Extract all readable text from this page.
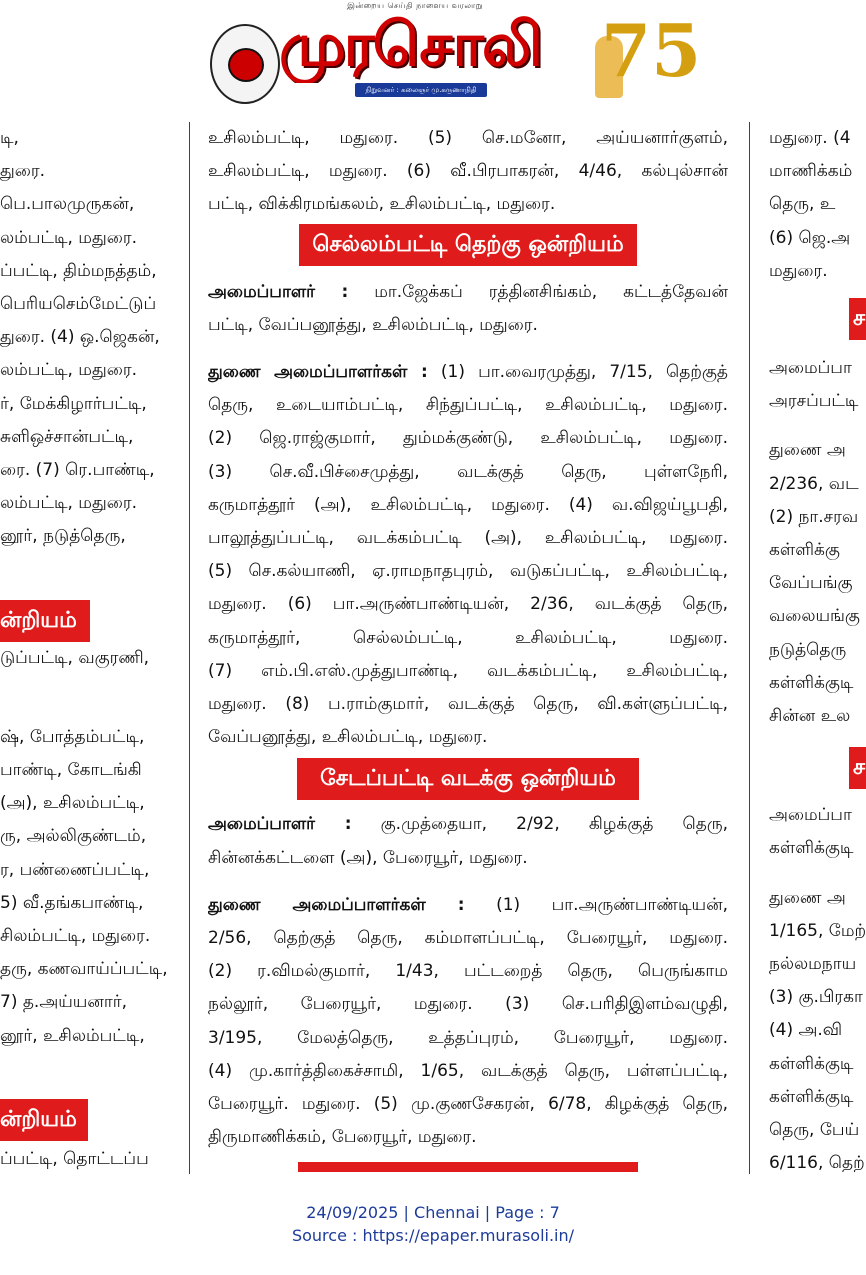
இன்றைய செய்தி நாளைய வரலாறு
முரசொலி
நிறுவனர் : கலைஞர் மு.கருணாநிதி 75

டி,

துரை.

பெ.பாலமுருகன்,

லம்பட்டி, மதுரை.

ப்பட்டி, திம்மநத்தம்,

பெரியசெம்மேட்டுப்

துரை. (4) ஒ.ஜெகன்,

லம்பட்டி, மதுரை.

ர், மேக்கிழார்பட்டி,

சுளிஒச்சான்பட்டி,

ரை. (7) ரெ.பாண்டி,

லம்பட்டி, மதுரை.

னூர், நடுத்தெரு,

ன்றியம்

டுப்பட்டி, வகுரணி,

ஷ், போத்தம்பட்டி,

பாண்டி, கோடங்கி

(அ), உசிலம்பட்டி,

ரு, அல்லிகுண்டம்,

ர, பண்ணைப்பட்டி,

5) வீ.தங்கபாண்டி,

சிலம்பட்டி, மதுரை.

தரு, கணவாய்ப்பட்டி,

7) த.அய்யனார்,

னூர், உசிலம்பட்டி,

ன்றியம்

ப்பட்டி, தொட்டப்ப

உசிலம்பட்டி, மதுரை. (5) செ.மனோ, அய்யனார்குளம்,

உசிலம்பட்டி, மதுரை. (6) வீ.பிரபாகரன், 4/46, கல்புல்சான்

பட்டி, விக்கிரமங்கலம், உசிலம்பட்டி, மதுரை.

செல்லம்பட்டி தெற்கு ஒன்றியம்

அமைப்பாளர் : மா.ஜேக்கப் ரத்தினசிங்கம், கட்டத்தேவன்

பட்டி, வேப்பனூத்து, உசிலம்பட்டி, மதுரை.

துணை அமைப்பாளர்கள் : (1) பா.வைரமுத்து, 7/15, தெற்குத்

தெரு, உடையாம்பட்டி, சிந்துப்பட்டி, உசிலம்பட்டி, மதுரை.

(2) ஜெ.ராஜ்குமார், தும்மக்குண்டு, உசிலம்பட்டி, மதுரை.

(3) செ.வீ.பிச்சைமுத்து, வடக்குத் தெரு, புள்ளநேரி,

கருமாத்தூர் (அ), உசிலம்பட்டி, மதுரை. (4) வ.விஜய்பூபதி,

பாலூத்துப்பட்டி, வடக்கம்பட்டி (அ), உசிலம்பட்டி, மதுரை.

(5) செ.கல்யாணி, ஏ.ராமநாதபுரம், வடுகப்பட்டி, உசிலம்பட்டி,

மதுரை. (6) பா.அருண்பாண்டியன், 2/36, வடக்குத் தெரு,

கருமாத்தூர், செல்லம்பட்டி, உசிலம்பட்டி, மதுரை.

(7) எம்.பி.எஸ்.முத்துபாண்டி, வடக்கம்பட்டி, உசிலம்பட்டி,

மதுரை. (8) ப.ராம்குமார், வடக்குத் தெரு, வி.கள்ளுப்பட்டி,

வேப்பனூத்து, உசிலம்பட்டி, மதுரை.

சேடப்பட்டி வடக்கு ஒன்றியம்

அமைப்பாளர் : கு.முத்தையா, 2/92, கிழக்குத் தெரு,

சின்னக்கட்டளை (அ), பேரையூர், மதுரை.

துணை அமைப்பாளர்கள் : (1) பா.அருண்பாண்டியன்,

2/56, தெற்குத் தெரு, கம்மாளப்பட்டி, பேரையூர், மதுரை.

(2) ர.விமல்குமார், 1/43, பட்டறைத் தெரு, பெருங்காம

நல்லூர், பேரையூர், மதுரை. (3) செ.பரிதிஇளம்வழுதி,

3/195, மேலத்தெரு, உத்தப்புரம், பேரையூர், மதுரை.

(4) மு.கார்த்திகைச்சாமி, 1/65, வடக்குத் தெரு, பள்ளப்பட்டி,

பேரையூர். மதுரை. (5) மு.குணசேகரன், 6/78, கிழக்குத் தெரு,

திருமாணிக்கம், பேரையூர், மதுரை.

மதுரை. (4

மாணிக்கம்

தெரு, உ

(6) ஜெ.அ

மதுரை.

ச

அமைப்பா

அரசப்பட்டி

துணை அ

2/236, வட

(2) நா.சரவ

கள்ளிக்கு

வேப்பங்கு

வலையங்கு

நடுத்தெரு

கள்ளிக்குடி

சின்ன உல

ச

அமைப்பா

கள்ளிக்குடி

துணை அ

1/165, மேற்

நல்லமநாய

(3) கு.பிரகா

(4) அ.வி

கள்ளிக்குடி

கள்ளிக்குடி

தெரு, பேய்

6/116, தெற்

24/09/2025 | Chennai | Page : 7
Source : https://epaper.murasoli.in/
